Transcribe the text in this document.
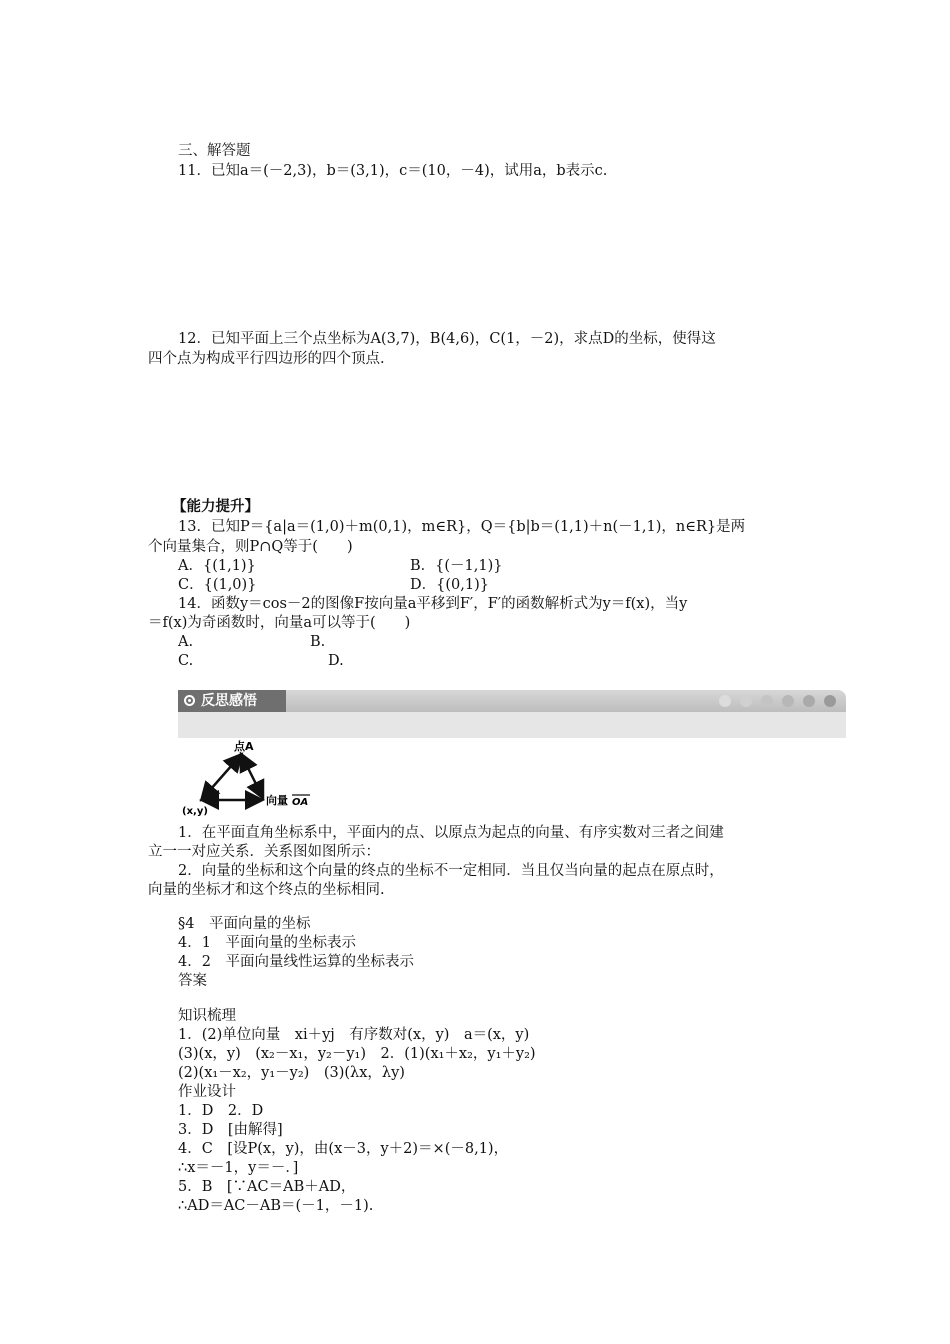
三、解答题
11．已知a＝(－2,3)，b＝(3,1)，c＝(10，－4)，试用a，b表示c.
12．已知平面上三个点坐标为A(3,7)，B(4,6)，C(1，－2)，求点D的坐标，使得这
四个点为构成平行四边形的四个顶点.
【能力提升】
13．已知P＝{a|a＝(1,0)＋m(0,1)，m∈R}，Q＝{b|b＝(1,1)＋n(－1,1)，n∈R}是两
个向量集合，则P∩Q等于(　　)
A．{(1,1)}	B．{(－1,1)}
C．{(1,0)}	D．{(0,1)}
14．函数y＝cos－2的图像F按向量a平移到F′，F′的函数解析式为y＝f(x)，当y
＝f(x)为奇函数时，向量a可以等于(　　)
A.	B.
C.	D.
反思感悟
点A
(x,y)
向量 OA
1．在平面直角坐标系中，平面内的点、以原点为起点的向量、有序实数对三者之间建
立一一对应关系．关系图如图所示：
2．向量的坐标和这个向量的终点的坐标不一定相同．当且仅当向量的起点在原点时，
向量的坐标才和这个终点的坐标相同.
§4　平面向量的坐标
4．1　平面向量的坐标表示
4．2　平面向量线性运算的坐标表示
答案
知识梳理
1．(2)单位向量　xi＋yj　有序数对(x，y)　a＝(x，y)
(3)(x，y)　(x₂－x₁，y₂－y₁)　2．(1)(x₁＋x₂，y₁＋y₂)
(2)(x₁－x₂，y₁－y₂)　(3)(λx，λy)
作业设计
1．D　2．D
3．D　[由解得]
4．C　[设P(x，y)，由(x－3，y＋2)＝×(－8,1)，
∴x＝－1，y＝－．]
5．B　[∵AC＝AB＋AD，
∴AD＝AC－AB＝(－1，－1).
